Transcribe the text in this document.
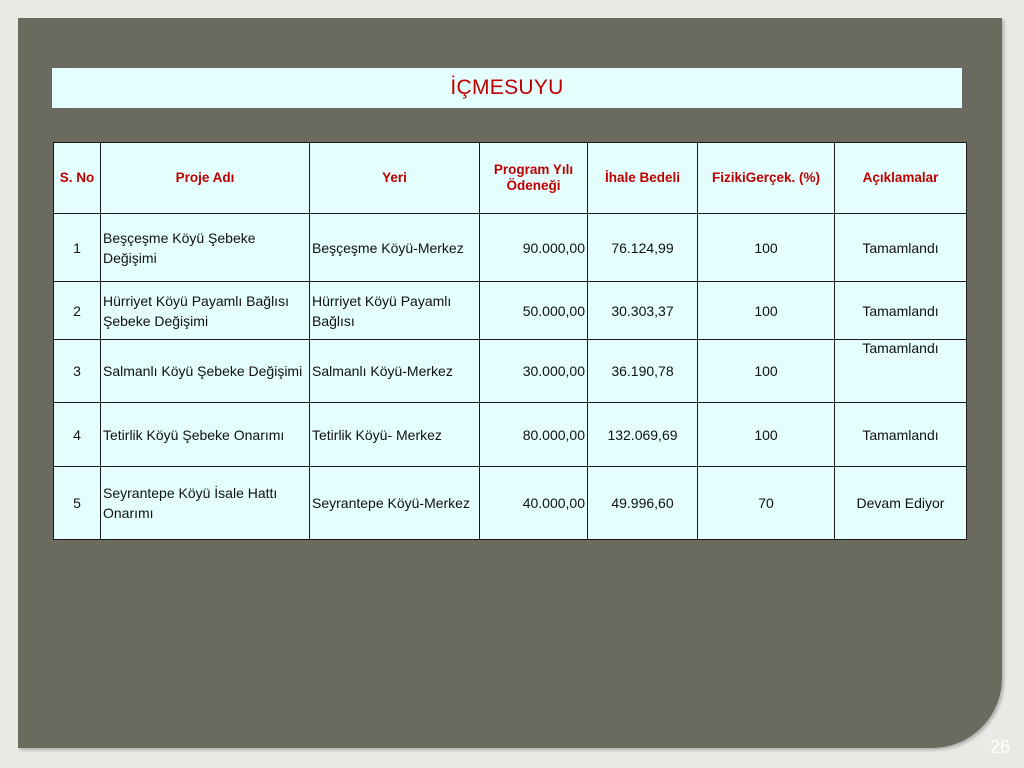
İÇMESUYU
S. No	Proje Adı	Yeri	Program Yılı Ödeneği	İhale Bedeli	FizikiGerçek. (%)	Açıklamalar
1	Beşçeşme Köyü Şebeke Değişimi	Beşçeşme Köyü-Merkez	90.000,00	76.124,99	100	Tamamlandı
2	Hürriyet Köyü Payamlı Bağlısı Şebeke Değişimi	Hürriyet Köyü Payamlı Bağlısı	50.000,00	30.303,37	100	Tamamlandı
3	Salmanlı Köyü Şebeke Değişimi	Salmanlı Köyü-Merkez	30.000,00	36.190,78	100	Tamamlandı
4	Tetirlik Köyü Şebeke Onarımı	Tetirlik Köyü- Merkez	80.000,00	132.069,69	100	Tamamlandı
5	Seyrantepe Köyü İsale Hattı Onarımı	Seyrantepe Köyü-Merkez	40.000,00	49.996,60	70	Devam Ediyor
26
